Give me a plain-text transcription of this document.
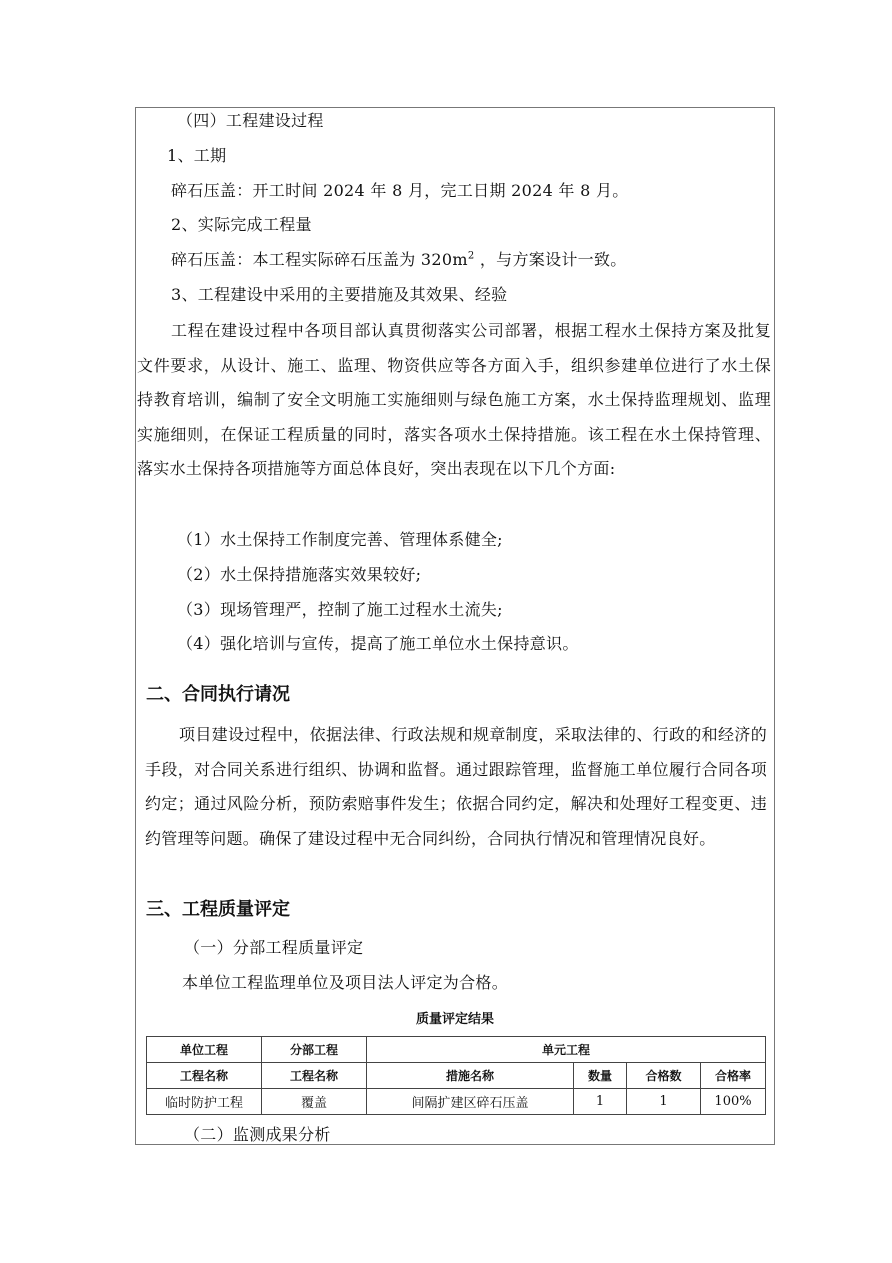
（四）工程建设过程
1、工期
碎石压盖：开工时间 2024 年 8 月，完工日期 2024 年 8 月。
2、实际完成工程量
碎石压盖：本工程实际碎石压盖为 $320m^2$ ，与方案设计一致。
3、工程建设中采用的主要措施及其效果、经验

工程在建设过程中各项目部认真贯彻落实公司部署，根据工程水土保持方案及批复文件要求，从设计、施工、监理、物资供应等各方面入手，组织参建单位进行了水土保持教育培训，编制了安全文明施工实施细则与绿色施工方案，水土保持监理规划、监理实施细则，在保证工程质量的同时，落实各项水土保持措施。该工程在水土保持管理、落实水土保持各项措施等方面总体良好，突出表现在以下几个方面:

（1）水土保持工作制度完善、管理体系健全;
（2）水土保持措施落实效果较好;
（3）现场管理严，控制了施工过程水土流失;
（4）强化培训与宣传，提高了施工单位水土保持意识。
二、合同执行请况

项目建设过程中，依据法律、行政法规和规章制度，采取法律的、行政的和经济的手段，对合同关系进行组织、协调和监督。通过跟踪管理，监督施工单位履行合同各项约定；通过风险分析，预防索赔事件发生；依据合同约定，解决和处理好工程变更、违约管理等问题。确保了建设过程中无合同纠纷，合同执行情况和管理情况良好。

三、工程质量评定
（一）分部工程质量评定
本单位工程监理单位及项目法人评定为合格。
质量评定结果
单位工程	分部工程	单元工程			
工程名称	工程名称	措施名称	数量	合格数	合格率
临时防护工程	覆盖	间隔扩建区碎石压盖	1	1	100%
（二）监测成果分析
